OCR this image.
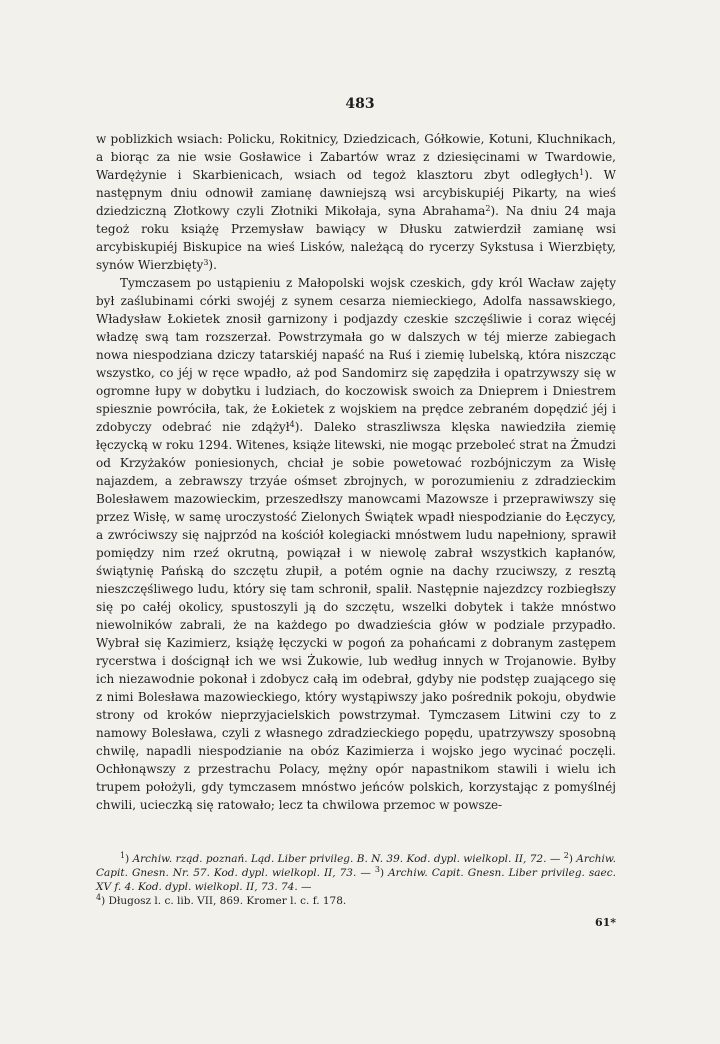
483

w poblizkich wsiach: Policku, Rokitnicy, Dziedzicach, Gółkowie, Kotuni, Kluchnikach, a biorąc za nie wsie Gosławice i Zabartów wraz z dziesięcinami w Twardowie, Wardężynie i Skarbienicach, wsiach od tegoż klasztoru zbyt odległych$^1$). W następnym dniu odnowił zamianę dawniejszą wsi arcybiskupiéj Pikarty, na wieś dziedziczną Złotkowy czyli Złotniki Mikołaja, syna Abrahama$^2$). Na dniu 24 maja tegoż roku książę Przemysław bawiący w Dłusku zatwierdził zamianę wsi arcybiskupiéj Biskupice na wieś Lisków, należącą do rycerzy Sykstusa i Wierzbięty, synów Wierzbięty$^3$).

Tymczasem po ustąpieniu z Małopolski wojsk czeskich, gdy król Wacław zajęty był zaślubinami córki swojéj z synem cesarza niemieckiego, Adolfa nassawskiego, Władysław Łokietek znosił garnizony i podjazdy czeskie szczęśliwie i coraz więcéj władzę swą tam rozszerzał. Powstrzymała go w dalszych w téj mierze zabiegach nowa niespodziana dziczy tatarskiéj napaść na Ruś i ziemię lubelską, która niszcząc wszystko, co jéj w ręce wpadło, aż pod Sandomirz się zapędziła i opatrzywszy się w ogromne łupy w dobytku i ludziach, do koczowisk swoich za Dnieprem i Dniestrem spiesznie powróciła, tak, że Łokietek z wojskiem na prędce zebraném dopędzić jéj i zdobyczy odebrać nie zdążył$^4$). Daleko straszliwsza klęska nawiedziła ziemię łęczycką w roku 1294. Witenes, książe litewski, nie mogąc przeboleć strat na Żmudzi od Krzyżaków poniesionych, chciał je sobie powetować rozbójniczym za Wisłę najazdem, a zebrawszy trzyáe ośmset zbrojnych, w porozumieniu z zdradzieckim Bolesławem mazowieckim, przeszedłszy manowcami Mazowsze i przeprawiwszy się przez Wisłę, w samę uroczystość Zielonych Świątek wpadł niespodzianie do Łęczycy, a zwróciwszy się najprzód na kościół kolegiacki mnóstwem ludu napełniony, sprawił pomiędzy nim rzeź okrutną, powiązał i w niewolę zabrał wszystkich kapłanów, świątynię Pańską do szczętu złupił, a potém ognie na dachy rzuciwszy, z resztą nieszczęśliwego ludu, który się tam schronił, spalił. Następnie najezdzcy rozbiegłszy się po całéj okolicy, spustoszyli ją do szczętu, wszelki dobytek i także mnóstwo niewolników zabrali, że na każdego po dwadzieścia głów w podziale przypadło. Wybrał się Kazimierz, książę łęczycki w pogoń za pohańcami z dobranym zastępem rycerstwa i doścignął ich we wsi Żukowie, lub według innych w Trojanowie. Byłby ich niezawodnie pokonał i zdobycz całą im odebrał, gdyby nie podstęp zuającego się z nimi Bolesława mazowieckiego, który wystąpiwszy jako pośrednik pokoju, obydwie strony od kroków nieprzyjacielskich powstrzymał. Tymczasem Litwini czy to z namowy Bolesława, czyli z własnego zdradzieckiego popędu, upatrzywszy sposobną chwilę, napadli niespodzianie na obóz Kazimierza i wojsko jego wycinać poczęli. Ochłonąwszy z przestrachu Polacy, mężny opór napastnikom stawili i wielu ich trupem położyli, gdy tymczasem mnóstwo jeńców polskich, korzystając z pomyślnéj chwili, ucieczką się ratowało; lecz ta chwilowa przemoc w powsze-

$^1$) Archiw. rząd. poznań. Ląd. Liber privileg. B. N. 39. Kod. dypl. wielkopl. II, 72. — $^2$) Archiw. Capit. Gnesn. Nr. 57. Kod. dypl. wielkopl. II, 73. — $^3$) Archiw. Capit. Gnesn. Liber privileg. saec. XV f. 4. Kod. dypl. wielkopl. II, 73. 74. —
$^4$) Długosz l. c. lib. VII, 869. Kromer l. c. f. 178.

61*
